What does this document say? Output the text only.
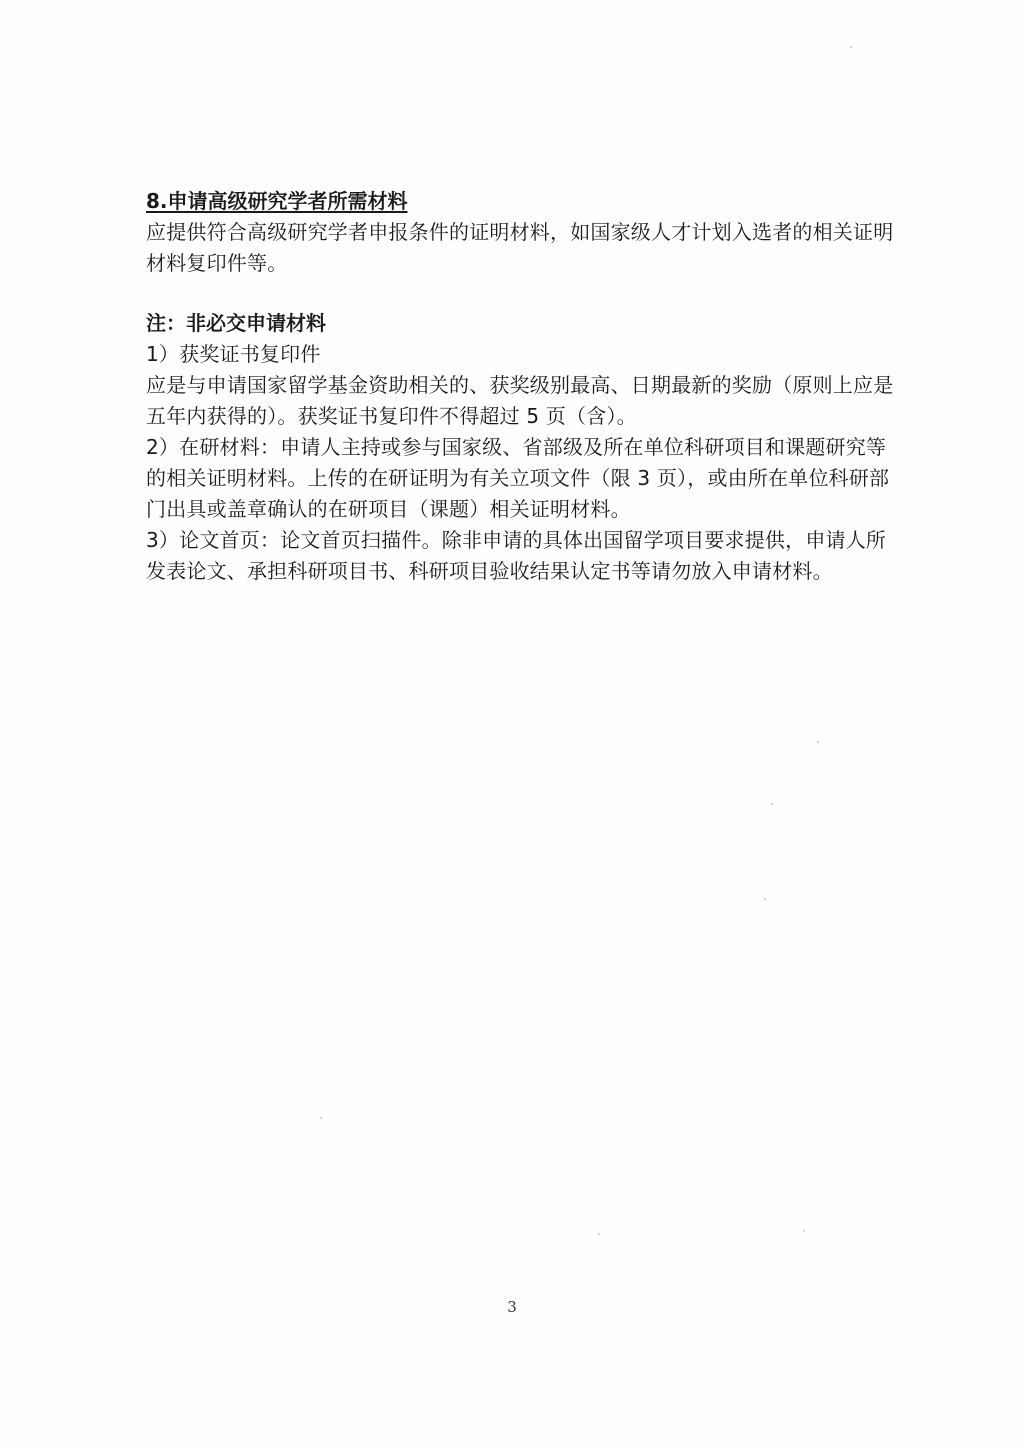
8.申请高级研究学者所需材料
应提供符合高级研究学者申报条件的证明材料，如国家级人才计划入选者的相关证明
材料复印件等。
注：非必交申请材料
1）获奖证书复印件
应是与申请国家留学基金资助相关的、获奖级别最高、日期最新的奖励（原则上应是
五年内获得的）。获奖证书复印件不得超过 5 页（含）。
2）在研材料：申请人主持或参与国家级、省部级及所在单位科研项目和课题研究等
的相关证明材料。上传的在研证明为有关立项文件（限 3 页），或由所在单位科研部
门出具或盖章确认的在研项目（课题）相关证明材料。
3）论文首页：论文首页扫描件。除非申请的具体出国留学项目要求提供，申请人所
发表论文、承担科研项目书、科研项目验收结果认定书等请勿放入申请材料。
3
